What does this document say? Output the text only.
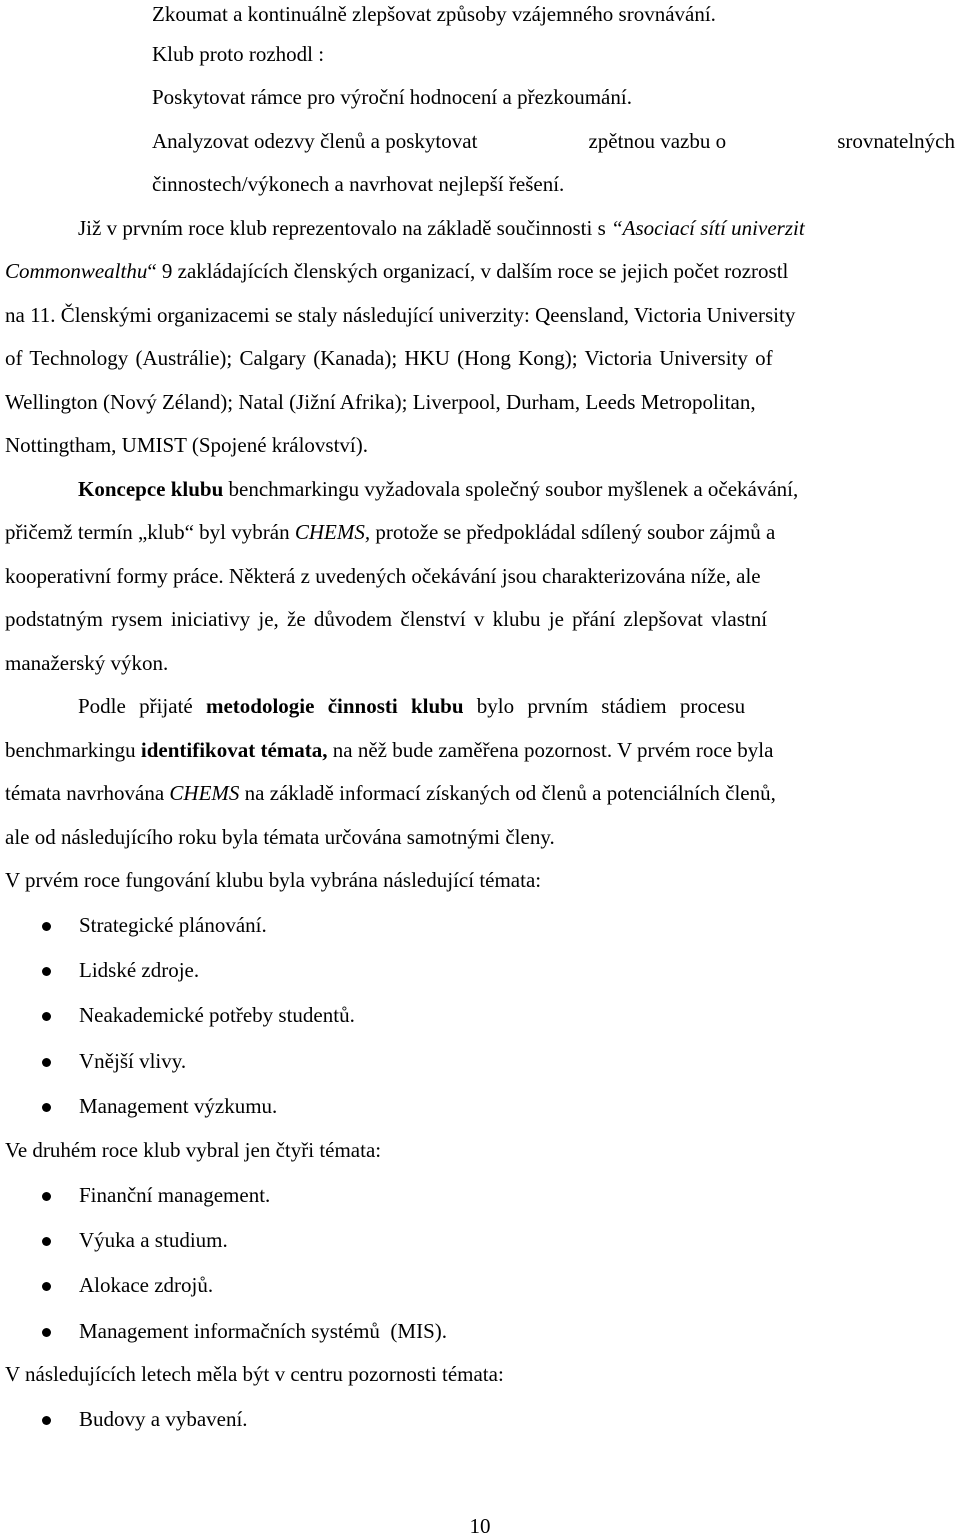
Zkoumat a kontinuálně zlepšovat způsoby vzájemného srovnávání.
Klub proto rozhodl :
Poskytovat rámce pro výroční hodnocení a přezkoumání.
Analyzovat odezvy členů a poskytovat	zpětnou vazbu o	srovnatelných
činnostech/výkonech a navrhovat nejlepší řešení.
Již v prvním roce klub reprezentovalo na základě součinnosti s “Asociací sítí univerzit
Commonwealthu“ 9 zakládajících členských organizací, v dalším roce se jejich počet rozrostl
na 11. Členskými organizacemi se staly následující univerzity: Qeensland, Victoria University
of Technology (Austrálie); Calgary (Kanada); HKU (Hong Kong); Victoria University of
Wellington (Nový Zéland); Natal (Jižní Afrika); Liverpool, Durham, Leeds Metropolitan,
Nottingtham, UMIST (Spojené království).
Koncepce klubu benchmarkingu vyžadovala společný soubor myšlenek a očekávání,
přičemž termín „klub“ byl vybrán CHEMS, protože se předpokládal sdílený soubor zájmů a
kooperativní formy práce. Některá z uvedených očekávání jsou charakterizována níže, ale
podstatným rysem iniciativy je, že důvodem členství v klubu je přání zlepšovat vlastní
manažerský výkon.
Podle přijaté metodologie činnosti klubu bylo prvním stádiem procesu
benchmarkingu identifikovat témata, na něž bude zaměřena pozornost. V prvém roce byla
témata navrhována CHEMS na základě informací získaných od členů a potenciálních členů,
ale od následujícího roku byla témata určována samotnými členy.
V prvém roce fungování klubu byla vybrána následující témata:
Strategické plánování.
Lidské zdroje.
Neakademické potřeby studentů.
Vnější vlivy.
Management výzkumu.
Ve druhém roce klub vybral jen čtyři témata:
Finanční management.
Výuka a studium.
Alokace zdrojů.
Management informačních systémů  (MIS).
V následujících letech měla být v centru pozornosti témata:
Budovy a vybavení.
10
